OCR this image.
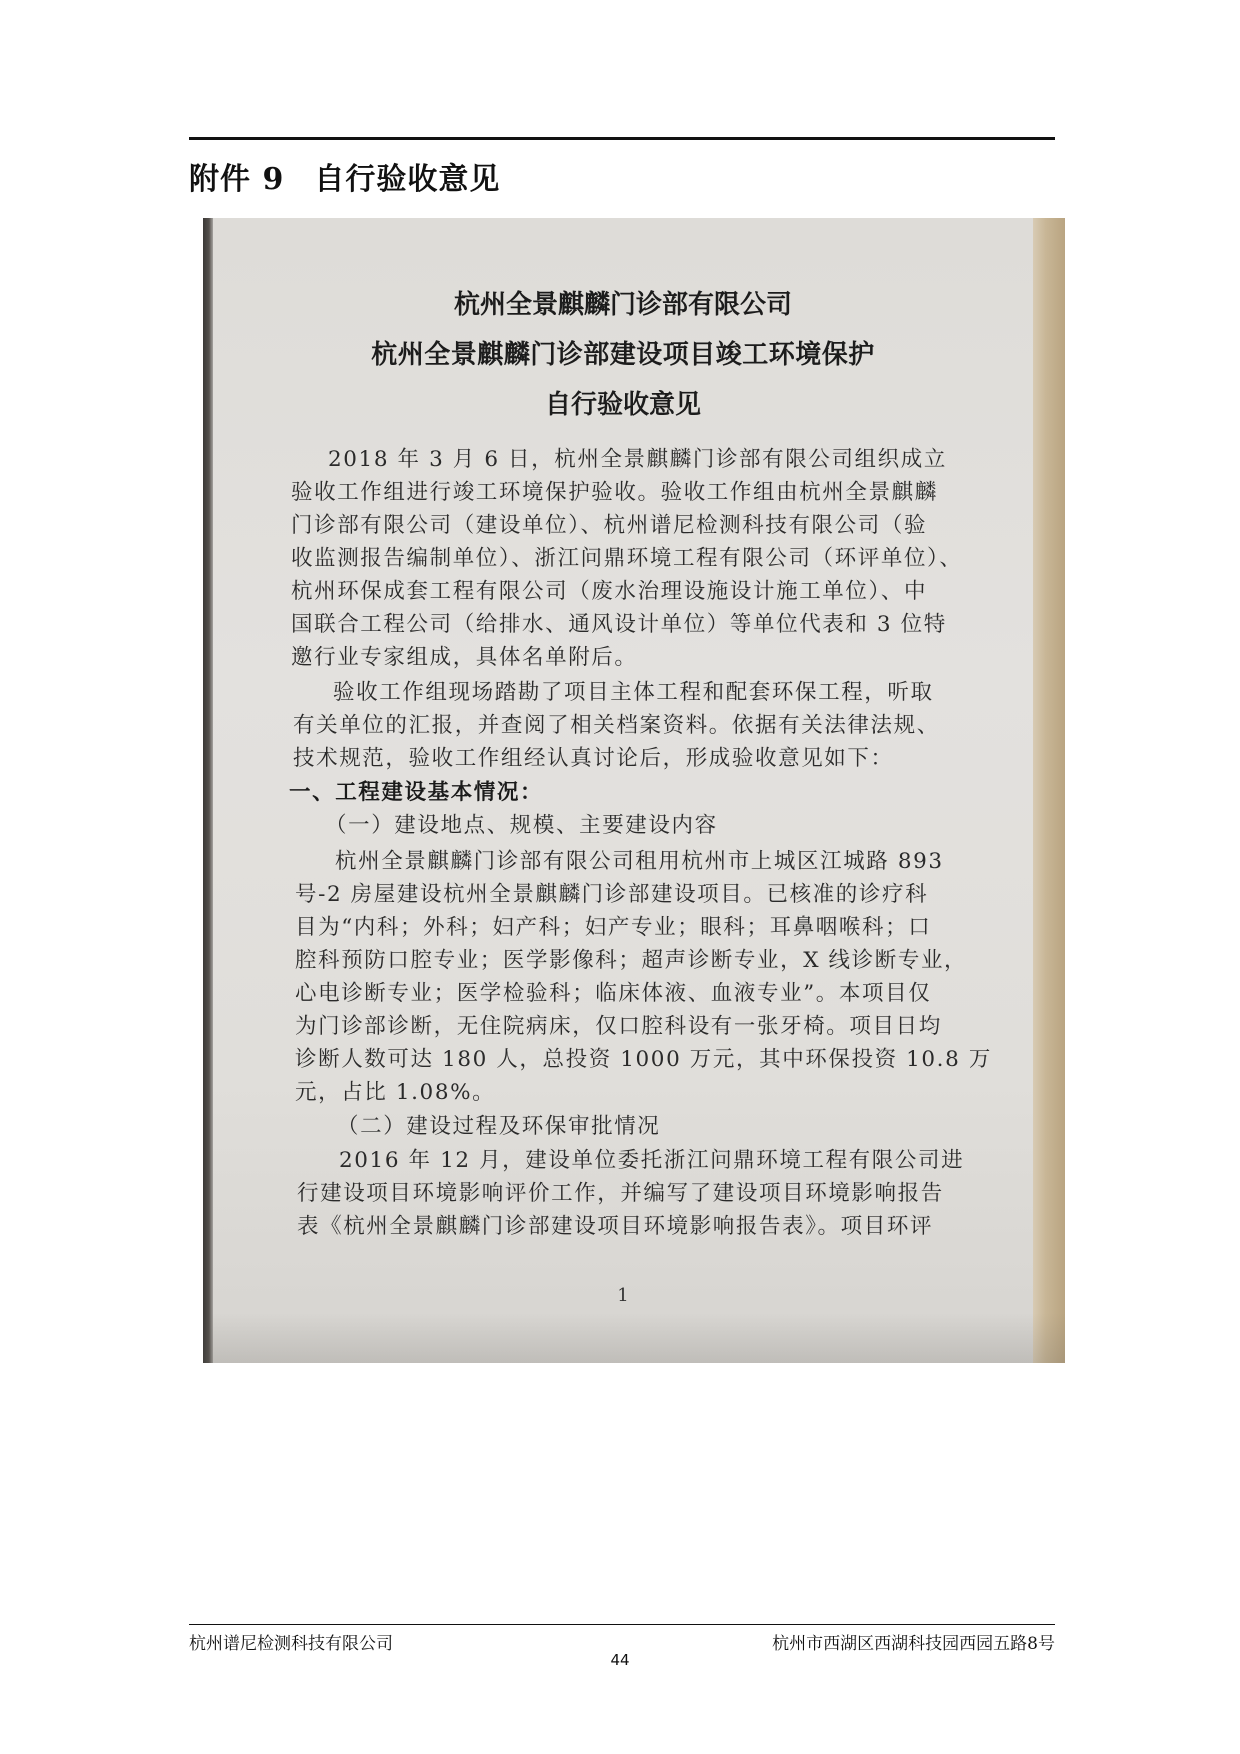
附件 9 自行验收意见
杭州全景麒麟门诊部有限公司
杭州全景麒麟门诊部建设项目竣工环境保护
自行验收意见
2018 年 3 月 6 日，杭州全景麒麟门诊部有限公司组织成立
验收工作组进行竣工环境保护验收。验收工作组由杭州全景麒麟
门诊部有限公司（建设单位）、杭州谱尼检测科技有限公司（验
收监测报告编制单位）、浙江问鼎环境工程有限公司（环评单位）、
杭州环保成套工程有限公司（废水治理设施设计施工单位）、中
国联合工程公司（给排水、通风设计单位）等单位代表和 3 位特
邀行业专家组成，具体名单附后。
验收工作组现场踏勘了项目主体工程和配套环保工程，听取
有关单位的汇报，并查阅了相关档案资料。依据有关法律法规、
技术规范，验收工作组经认真讨论后，形成验收意见如下：
一、工程建设基本情况：
（一）建设地点、规模、主要建设内容
杭州全景麒麟门诊部有限公司租用杭州市上城区江城路 893
号-2 房屋建设杭州全景麒麟门诊部建设项目。已核准的诊疗科
目为“内科；外科；妇产科；妇产专业；眼科；耳鼻咽喉科；口
腔科预防口腔专业；医学影像科；超声诊断专业，X 线诊断专业，
心电诊断专业；医学检验科；临床体液、血液专业”。本项目仅
为门诊部诊断，无住院病床，仅口腔科设有一张牙椅。项目日均
诊断人数可达 180 人，总投资 1000 万元，其中环保投资 10.8 万
元，占比 1.08%。
（二）建设过程及环保审批情况
2016 年 12 月，建设单位委托浙江问鼎环境工程有限公司进
行建设项目环境影响评价工作，并编写了建设项目环境影响报告
表《杭州全景麒麟门诊部建设项目环境影响报告表》。项目环评
1
杭州谱尼检测科技有限公司	杭州市西湖区西湖科技园西园五路8号
44
